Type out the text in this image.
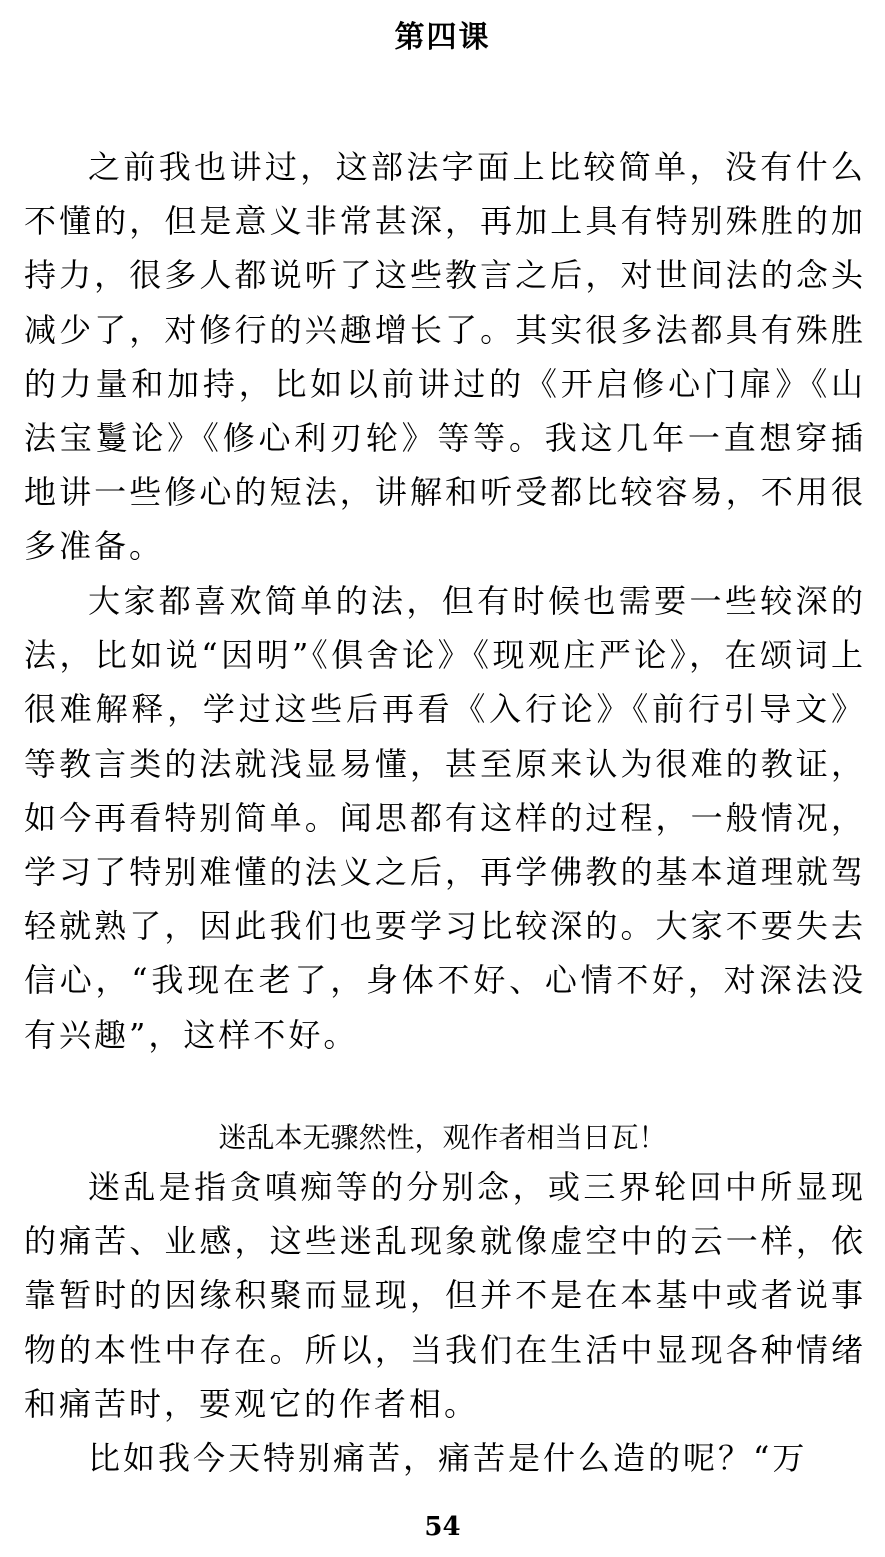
第四课

之前我也讲过，这部法字面上比较简单，没有什么不懂的，但是意义非常甚深，再加上具有特别殊胜的加持力，很多人都说听了这些教言之后，对世间法的念头减少了，对修行的兴趣增长了。其实很多法都具有殊胜的力量和加持，比如以前讲过的《开启修心门扉》《山法宝鬘论》《修心利刃轮》等等。我这几年一直想穿插地讲一些修心的短法，讲解和听受都比较容易，不用很多准备。

大家都喜欢简单的法，但有时候也需要一些较深的法，比如说“因明”《俱舍论》《现观庄严论》，在颂词上很难解释，学过这些后再看《入行论》《前行引导文》等教言类的法就浅显易懂，甚至原来认为很难的教证，如今再看特别简单。闻思都有这样的过程，一般情况，学习了特别难懂的法义之后，再学佛教的基本道理就驾轻就熟了，因此我们也要学习比较深的。大家不要失去信心，“我现在老了，身体不好、心情不好，对深法没有兴趣”，这样不好。

迷乱本无骤然性，观作者相当日瓦！

迷乱是指贪嗔痴等的分别念，或三界轮回中所显现的痛苦、业感，这些迷乱现象就像虚空中的云一样，依靠暂时的因缘积聚而显现，但并不是在本基中或者说事物的本性中存在。所以，当我们在生活中显现各种情绪和痛苦时，要观它的作者相。

比如我今天特别痛苦，痛苦是什么造的呢？“万

54
